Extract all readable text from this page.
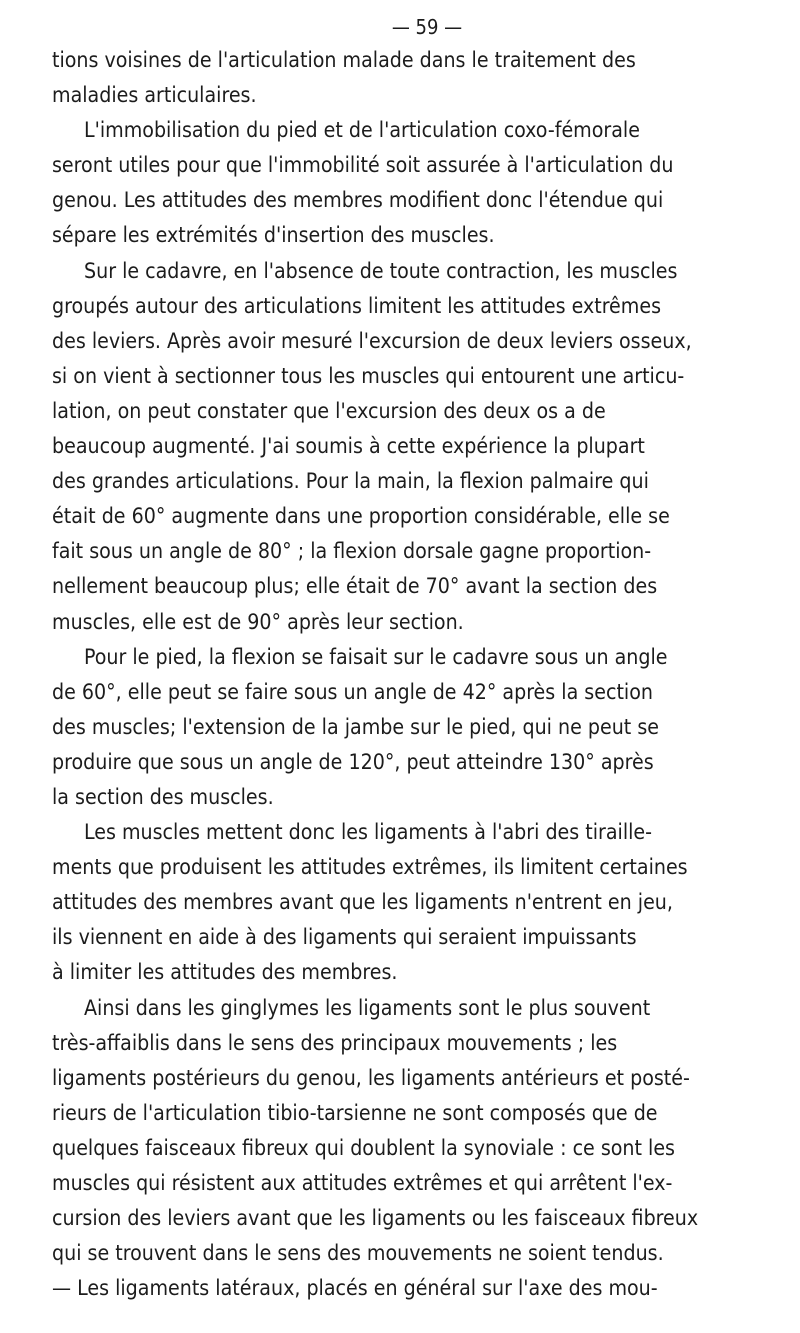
— 59 —

tions voisines de l'articulation malade dans le traitement des
maladies articulaires.

L'immobilisation du pied et de l'articulation coxo-fémorale
seront utiles pour que l'immobilité soit assurée à l'articulation du
genou. Les attitudes des membres modifient donc l'étendue qui
sépare les extrémités d'insertion des muscles.

Sur le cadavre, en l'absence de toute contraction, les muscles
groupés autour des articulations limitent les attitudes extrêmes
des leviers. Après avoir mesuré l'excursion de deux leviers osseux,
si on vient à sectionner tous les muscles qui entourent une articu-
lation, on peut constater que l'excursion des deux os a de
beaucoup augmenté. J'ai soumis à cette expérience la plupart
des grandes articulations. Pour la main, la flexion palmaire qui
était de 60° augmente dans une proportion considérable, elle se
fait sous un angle de 80° ; la flexion dorsale gagne proportion-
nellement beaucoup plus; elle était de 70° avant la section des
muscles, elle est de 90° après leur section.

Pour le pied, la flexion se faisait sur le cadavre sous un angle
de 60°, elle peut se faire sous un angle de 42° après la section
des muscles; l'extension de la jambe sur le pied, qui ne peut se
produire que sous un angle de 120°, peut atteindre 130° après
la section des muscles.

Les muscles mettent donc les ligaments à l'abri des tiraille-
ments que produisent les attitudes extrêmes, ils limitent certaines
attitudes des membres avant que les ligaments n'entrent en jeu,
ils viennent en aide à des ligaments qui seraient impuissants
à limiter les attitudes des membres.

Ainsi dans les ginglymes les ligaments sont le plus souvent
très-affaiblis dans le sens des principaux mouvements ; les
ligaments postérieurs du genou, les ligaments antérieurs et posté-
rieurs de l'articulation tibio-tarsienne ne sont composés que de
quelques faisceaux fibreux qui doublent la synoviale : ce sont les
muscles qui résistent aux attitudes extrêmes et qui arrêtent l'ex-
cursion des leviers avant que les ligaments ou les faisceaux fibreux
qui se trouvent dans le sens des mouvements ne soient tendus.
— Les ligaments latéraux, placés en général sur l'axe des mou-
